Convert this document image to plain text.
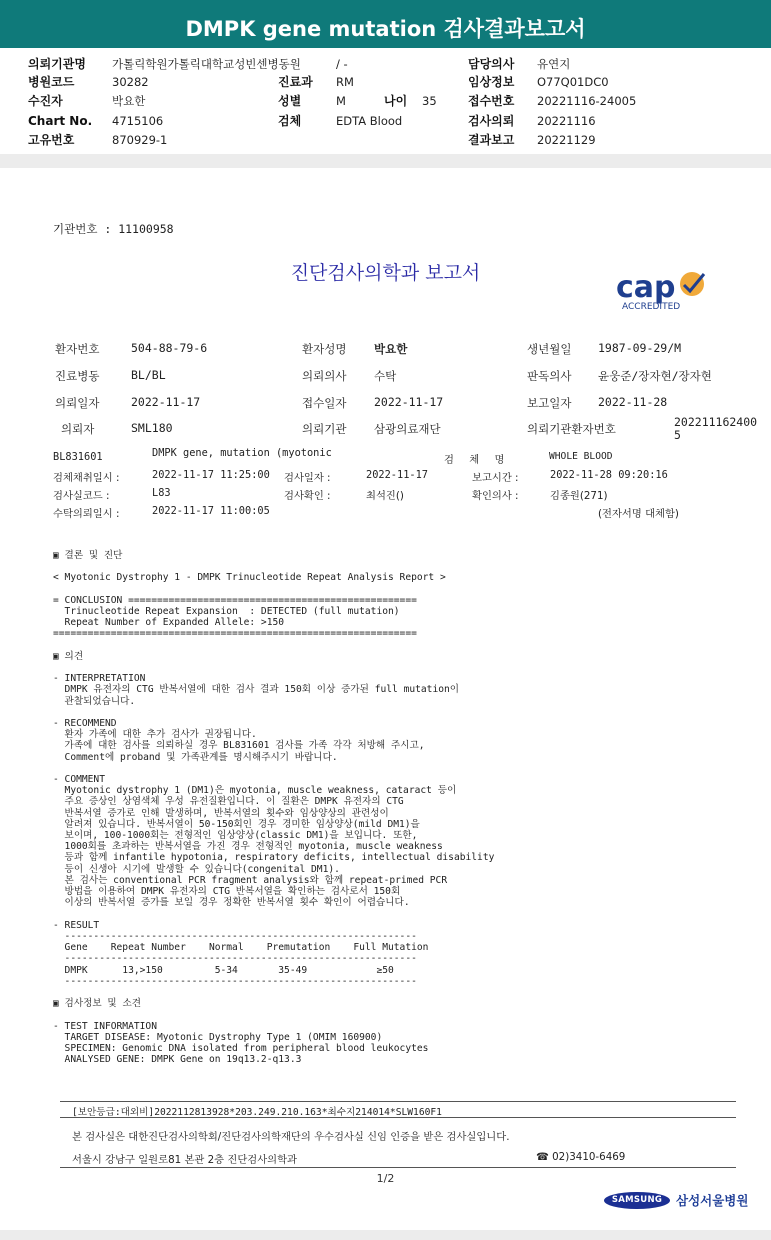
DMPK gene mutation 검사결과보고서
의뢰기관명 가톨릭학원가톨릭대학교성빈센병동원	/ -	담당의사 유연지
병원코드	30282	진료과 RM	임상정보 O77Q01DC0
수진자	박요한	성별	M	나이 35	접수번호 20221116-24005
Chart No. 4715106	검체	EDTA Blood	검사의뢰 20221116
고유번호	870929-1	결과보고 20221129
기관번호 : 11100958
진단검사의학과 보고서	cap
ACCREDITED
환자번호	504-88-79-6	환자성명 박요한	생년월일 1987-09-29/M
진료병동	BL/BL	의뢰의사 수탁	판독의사 윤웅준/장자현/장자현
의뢰일자	2022-11-17	접수일자 2022-11-17	보고일자 2022-11-28
의뢰자	SML180	의뢰기관 삼광의료재단	의뢰기관환자번호	202211162400
5
BL831601	DMPK gene, mutation (myotonic
검 체 명	WHOLE BLOOD
검체채취일시 :	2022-11-17 11:25:00 검사일자 :	2022-11-17	보고시간 :	2022-11-28 09:20:16
검사실코드 :	L83	검사확인 :	최석진()	확인의사 :	김종원(271)
수탁의뢰일시 :	2022-11-17 11:00:05	(전자서명 대체함)
▣ 결론 및 진단

< Myotonic Dystrophy 1 - DMPK Trinucleotide Repeat Analysis Report >

= CONCLUSION ==================================================
Trinucleotide Repeat Expansion  : DETECTED (full mutation)
Repeat Number of Expanded Allele: >150
===============================================================

▣ 의견

- INTERPRETATION
DMPK 유전자의 CTG 반복서열에 대한 검사 결과 150회 이상 증가된 full mutation이
관찰되었습니다.

- RECOMMEND
환자 가족에 대한 추가 검사가 권장됩니다.
가족에 대한 검사를 의뢰하실 경우 BL831601 검사를 가족 각각 처방해 주시고,
Comment에 proband 및 가족관계를 명시해주시기 바랍니다.

- COMMENT
Myotonic dystrophy 1 (DM1)은 myotonia, muscle weakness, cataract 등이
주요 증상인 상염색체 우성 유전질환입니다. 이 질환은 DMPK 유전자의 CTG
반복서열 증가로 인해 발생하며, 반복서열의 횟수와 임상양상의 관련성이
알려져 있습니다. 반복서열이 50-150회인 경우 경미한 임상양상(mild DM1)을
보이며, 100-1000회는 전형적인 임상양상(classic DM1)을 보입니다. 또한,
1000회를 초과하는 반복서열을 가진 경우 전형적인 myotonia, muscle weakness
등과 함께 infantile hypotonia, respiratory deficits, intellectual disability
등이 신생아 시기에 발생할 수 있습니다(congenital DM1).
본 검사는 conventional PCR fragment analysis와 함께 repeat-primed PCR
방법을 이용하여 DMPK 유전자의 CTG 반복서열을 확인하는 검사로서 150회
이상의 반복서열 증가를 보일 경우 정확한 반복서열 횟수 확인이 어렵습니다.

- RESULT
-------------------------------------------------------------
Gene    Repeat Number    Normal    Premutation    Full Mutation
-------------------------------------------------------------
DMPK      13,>150         5-34       35-49            ≥50
-------------------------------------------------------------

▣ 검사정보 및 소견

- TEST INFORMATION
TARGET DISEASE: Myotonic Dystrophy Type 1 (OMIM 160900)
SPECIMEN: Genomic DNA isolated from peripheral blood leukocytes
ANALYSED GENE: DMPK Gene on 19q13.2-q13.3
[보안등급:대외비]20221128139​28*203.249.210.163*최수지214014*SLW160F1
본 검사실은 대한진단검사의학회/진단검사의학재단의 우수검사실 신임 인증을 받은 검사실입니다.
서울시 강남구 일원로81 본관 2층 진단검사의학과	☎ 02)3410-6469
1/2
SAMSUNG	삼성서울병원
